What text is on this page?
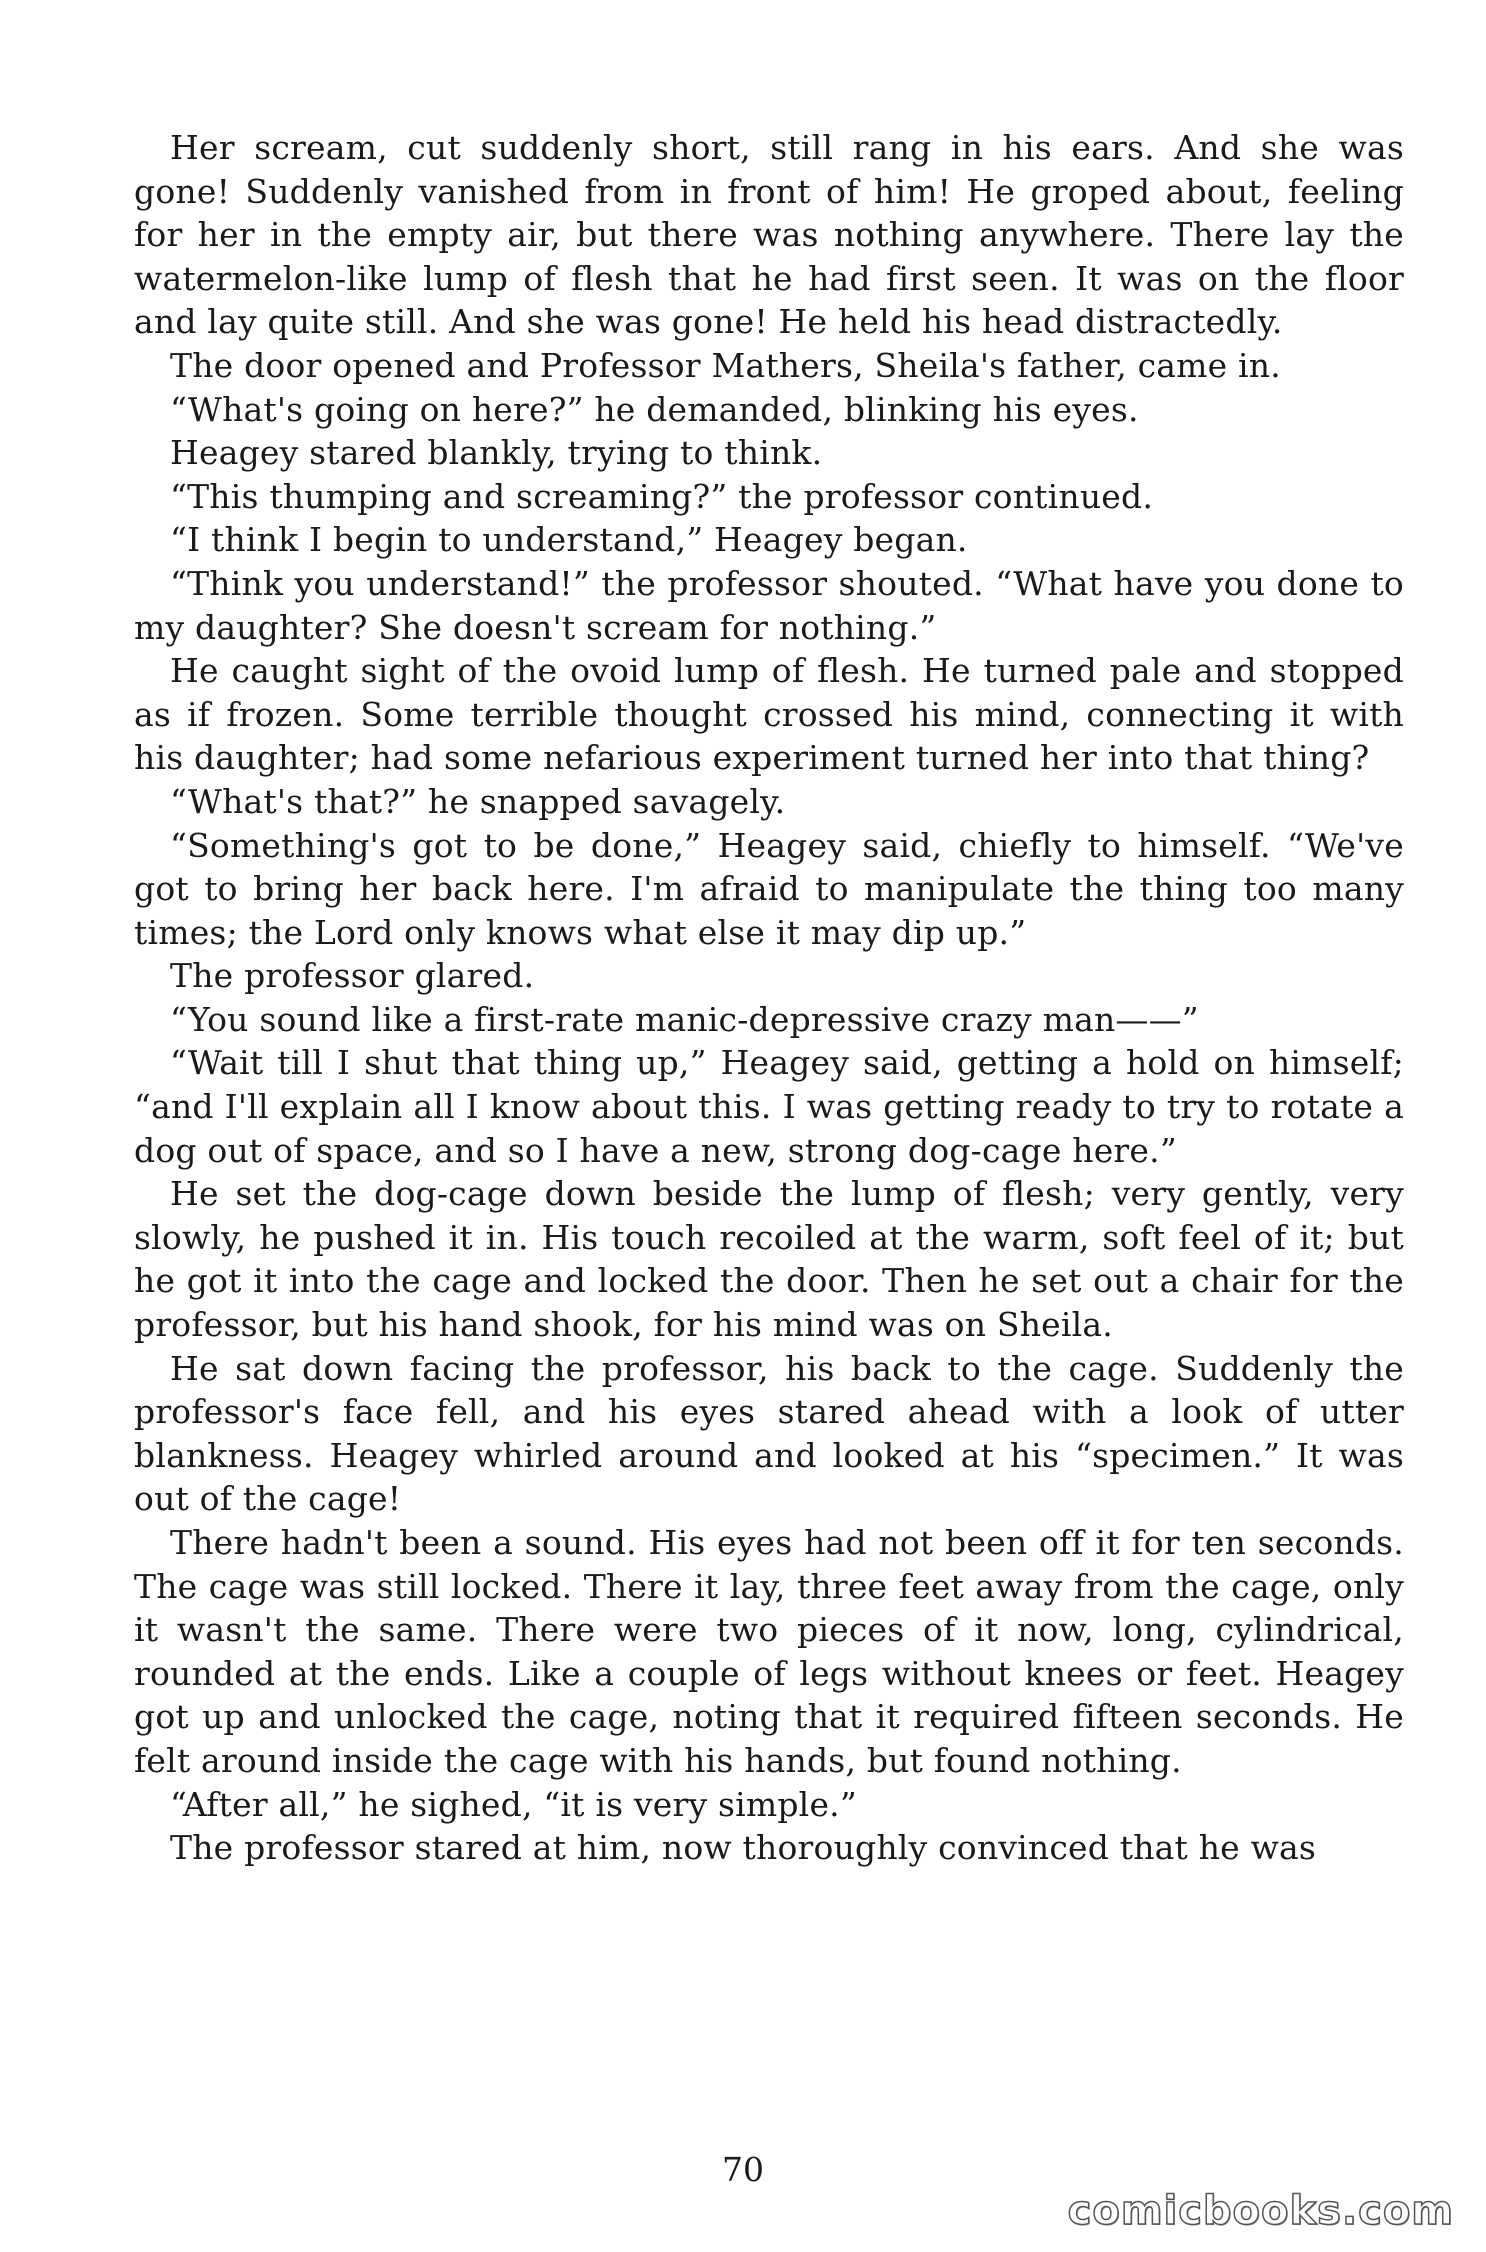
Her scream, cut suddenly short, still rang in his ears. And she was gone! Suddenly vanished from in front of him! He groped about, feeling for her in the empty air, but there was nothing anywhere. There lay the watermelon-like lump of flesh that he had first seen. It was on the floor and lay quite still. And she was gone! He held his head distractedly.

The door opened and Professor Mathers, Sheila's father, came in.

“What's going on here?” he demanded, blinking his eyes.

Heagey stared blankly, trying to think.

“This thumping and screaming?” the professor continued.

“I think I begin to understand,” Heagey began.

“Think you understand!” the professor shouted. “What have you done to my daughter? She doesn't scream for nothing.”

He caught sight of the ovoid lump of flesh. He turned pale and stopped as if frozen. Some terrible thought crossed his mind, connecting it with his daughter; had some nefarious experiment turned her into that thing?

“What's that?” he snapped savagely.

“Something's got to be done,” Heagey said, chiefly to himself. “We've got to bring her back here. I'm afraid to manipulate the thing too many times; the Lord only knows what else it may dip up.”

The professor glared.

“You sound like a first-rate manic-depressive crazy man——”

“Wait till I shut that thing up,” Heagey said, getting a hold on himself; “and I'll explain all I know about this. I was getting ready to try to rotate a dog out of space, and so I have a new, strong dog-cage here.”

He set the dog-cage down beside the lump of flesh; very gently, very slowly, he pushed it in. His touch recoiled at the warm, soft feel of it; but he got it into the cage and locked the door. Then he set out a chair for the professor, but his hand shook, for his mind was on Sheila.

He sat down facing the professor, his back to the cage. Suddenly the professor's face fell, and his eyes stared ahead with a look of utter blankness. Heagey whirled around and looked at his “specimen.” It was out of the cage!

There hadn't been a sound. His eyes had not been off it for ten seconds. The cage was still locked. There it lay, three feet away from the cage, only it wasn't the same. There were two pieces of it now, long, cylindrical, rounded at the ends. Like a couple of legs without knees or feet. Heagey got up and unlocked the cage, noting that it required fifteen seconds. He felt around inside the cage with his hands, but found nothing.

“After all,” he sighed, “it is very simple.”

The professor stared at him, now thoroughly convinced that he was

70
comicbooks.com
